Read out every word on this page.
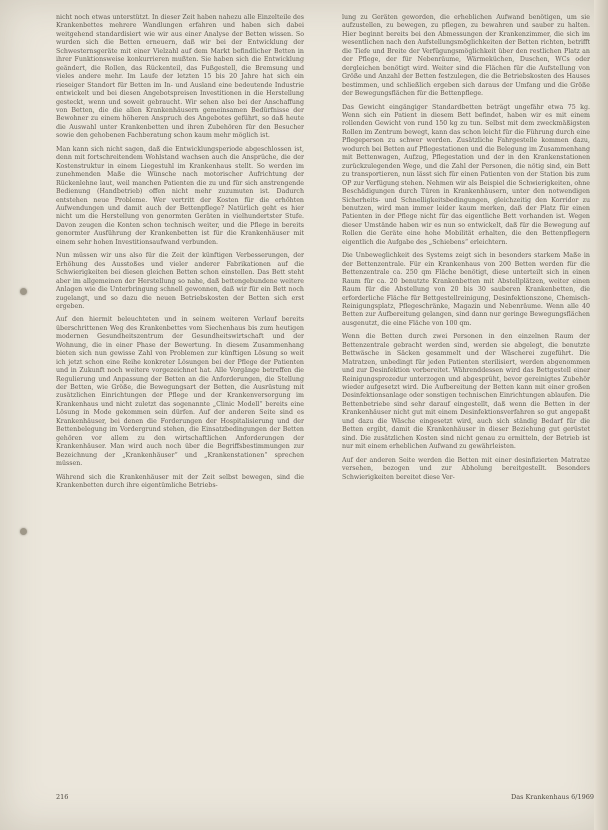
nicht noch etwas unterstützt. In dieser Zeit haben nahezu alle Einzelteile des Krankenbettes mehrere Wandlungen erfahren und haben sich dabei weitgehend standardisiert wie wir aus einer Analyse der Betten wissen. So wurden sich die Betten erneuern, daß wir bei der Entwicklung der Schwesternsgeräte mit einer Vielzahl auf dem Markt befindlicher Betten in ihrer Funktionsweise konkurrieren mußten. Sie haben sich die Entwicklung geändert, die Rollen, das Rückenteil, das Fußgestell, die Bremsung und vieles andere mehr. Im Laufe der letzten 15 bis 20 Jahre hat sich ein rieseiger Standort für Betten im In- und Ausland eine bedeutende Industrie entwickelt und bei diesen Angebotspreisen Investitionen in die Herstellung gesteckt, wenn und soweit gebraucht. Wir sehen also bei der Anschaffung von Betten, die die allen Krankenhäusern gemeinsamen Bedürfnisse der Bewohner zu einem höheren Anspruch des Angebotes geführt, so daß heute die Auswahl unter Krankenbetten und ihren Zubehören für den Besucher sowie den gehobenen Fachberatung schon kaum mehr möglich ist.

Man kann sich nicht sagen, daß die Entwicklungsperiode abgeschlossen ist, denn mit fortschreitendem Wohlstand wachsen auch die Ansprüche, die der Kostenstruktur in einem Liegestuhl im Krankenhaus stellt. So werden im zunehmenden Maße die Wünsche nach motorischer Aufrichtung der Rückenlehne laut, weil manchen Patienten die zu und für sich anstrengende Bedienung (Handbetrieb) offen nicht mehr zuzumuten ist. Dadurch entstehen neue Probleme. Wer vertritt der Kosten für die erhöhten Aufwendungen und damit auch der Bettenpflege? Natürlich geht es hier nicht um die Herstellung von genormten Geräten in vielhundertster Stufe. Davon zeugen die Konten schon technisch weiter, und die Pflege in bereits genormter Ausführung der Krankenbetten ist für die Krankenhäuser mit einem sehr hohen Investitionsaufwand verbunden.

Nun müssen wir uns also für die Zeit der künftigen Verbesserungen, der Erhöhung des Ausstoßes und vieler anderer Fabrikationen auf die Schwierigkeiten bei diesen gleichen Betten schon einstellen. Das Bett steht aber im allgemeinen der Herstellung so nahe, daß bettengebundene weitere Anlagen wie die Unterbringung schnell gewonnen, daß wir für ein Bett noch zugelangt, und so dazu die neuen Betriebskosten der Betten sich erst ergeben.

Auf den hiermit beleuchteten und in seinem weiteren Verlauf bereits überschrittenen Weg des Krankenbettes vom Siechenhaus bis zum heutigen modernen Gesundheitszentrum der Gesundheitswirtschaft und der Wohnung, die in einer Phase der Bewertung. In diesem Zusammenhang bieten sich nun gewisse Zahl von Problemen zur künftigen Lösung so weit ich jetzt schon eine Reihe konkreter Lösungen bei der Pflege der Patienten und in Zukunft noch weitere vorgezeichnet hat. Alle Vorgänge betreffen die Regulierung und Anpassung der Betten an die Anforderungen, die Stellung der Betten, wie Größe, die Bewegungsart der Betten, die Ausrüstung mit zusätzlichen Einrichtungen der Pflege und der Krankenversorgung im Krankenhaus und nicht zuletzt das sogenannte „Clinic Modell“ bereits eine Lösung in Mode gekommen sein dürfen. Auf der anderen Seite sind es Krankenhäuser, bei denen die Forderungen der Hospitalisierung und der Bettenbelegung im Vordergrund stehen, die Einsatzbedingungen der Betten gehören vor allem zu den wirtschaftlichen Anforderungen der Krankenhäuser. Man wird auch noch über die Begriffsbestimmungen zur Bezeichnung der „Krankenhäuser“ und „Krankenstationen“ sprechen müssen.

Während sich die Krankenhäuser mit der Zeit selbst bewegen, sind die Krankenbetten durch ihre eigentümliche Betriebs-

lung zu Geräten geworden, die erheblichen Aufwand benötigen, um sie aufzustellen, zu bewegen, zu pflegen, zu bewahren und sauber zu halten. Hier beginnt bereits bei den Abmessungen der Krankenzimmer, die sich im wesentlichen nach den Aufstellungsmöglichkeiten der Betten richten, betrifft die Tiefe und Breite der Verfügungsmöglichkeit über den restlichen Platz an der Pflege, der für Nebenräume, Wärmeküchen, Duschen, WCs oder dergleichen benötigt wird. Weiter sind die Flächen für die Aufstellung von Größe und Anzahl der Betten festzulegen, die die Betriebskosten des Hauses bestimmen, und schließlich ergeben sich daraus der Umfang und die Größe der Bewegungsflächen für die Bettenpflege.

Das Gewicht eingängiger Standardbetten beträgt ungefähr etwa 75 kg. Wenn sich ein Patient in diesem Bett befindet, haben wir es mit einem rollenden Gewicht von rund 150 kg zu tun. Selbst mit dem zweckmäßigsten Rollen im Zentrum bewegt, kann das schon leicht für die Führung durch eine Pflegeperson zu schwer werden. Zusätzliche Fahrgestelle kommen dazu, wodurch bei Betten auf Pflegestationen und die Belegung im Zusammenhang mit Bettenwagen, Aufzug, Pflegestation und der in den Krankenstationen zurückzulegenden Wege, und die Zahl der Personen, die nötig sind, ein Bett zu transportieren, nun lässt sich für einen Patienten von der Station bis zum OP zur Verfügung stehen. Nehmen wir als Beispiel die Schwierigkeiten, ohne Beschädigungen durch Türen in Krankenhäusern, unter den notwendigen Sicherheits- und Schnelligkeitsbedingungen, gleichzeitig den Korridor zu benutzen, wird man immer leider kaum merken, daß der Platz für einen Patienten in der Pflege nicht für das eigentliche Bett vorhanden ist. Wegen dieser Umstände haben wir es nun so entwickelt, daß für die Bewegung auf Rollen die Geräte eine hohe Mobilität erhalten, die den Bettenpflegern eigentlich die Aufgabe des „Schiebens“ erleichtern.

Die Unbeweglichkeit des Systems zeigt sich in besonders starkem Maße in der Bettenzentrale. Für ein Krankenhaus von 200 Betten werden für die Bettenzentrale ca. 250 qm Fläche benötigt, diese unterteilt sich in einen Raum für ca. 20 benutzte Krankenbetten mit Abstellplätzen, weiter einen Raum für die Abstellung von 20 bis 30 sauberen Krankenbetten, die erforderliche Fläche für Bettgestellreinigung, Desinfektionszone, Chemisch-Reinigungsplatz, Pflegeschränke, Magazin und Nebenräume. Wenn alle 40 Betten zur Aufbereitung gelangen, sind dann nur geringe Bewegungsflächen ausgenutzt, die eine Fläche von 100 qm.

Wenn die Betten durch zwei Personen in den einzelnen Raum der Bettenzentrale gebracht werden sind, werden sie abgelegt, die benutzte Bettwäsche in Säcken gesammelt und der Wäscherei zugeführt. Die Matratzen, unbedingt für jeden Patienten sterilisiert, werden abgenommen und zur Desinfektion vorbereitet. Währenddessen wird das Bettgestell einer Reinigungsprozedur unterzogen und abgesprüht, bevor gereinigtes Zubehör wieder aufgesetzt wird. Die Aufbereitung der Betten kann mit einer großen Desinfektionsanlage oder sonstigen technischen Einrichtungen ablaufen. Die Bettenbetriebe sind sehr darauf eingestellt, daß wenn die Betten in der Krankenhäuser nicht gut mit einem Desinfektionsverfahren so gut angepaßt und dazu die Wäsche eingesetzt wird, auch sich ständig Bedarf für die Betten ergibt, damit die Krankenhäuser in dieser Beziehung gut gerüstet sind. Die zusätzlichen Kosten sind nicht genau zu ermitteln, der Betrieb ist nur mit einem erheblichen Aufwand zu gewährleisten.

Auf der anderen Seite werden die Betten mit einer desinfizierten Matratze versehen, bezogen und zur Abholung bereitgestellt. Besonders Schwierigkeiten bereitet diese Ver-

216	Das Krankenhaus 6/1969
